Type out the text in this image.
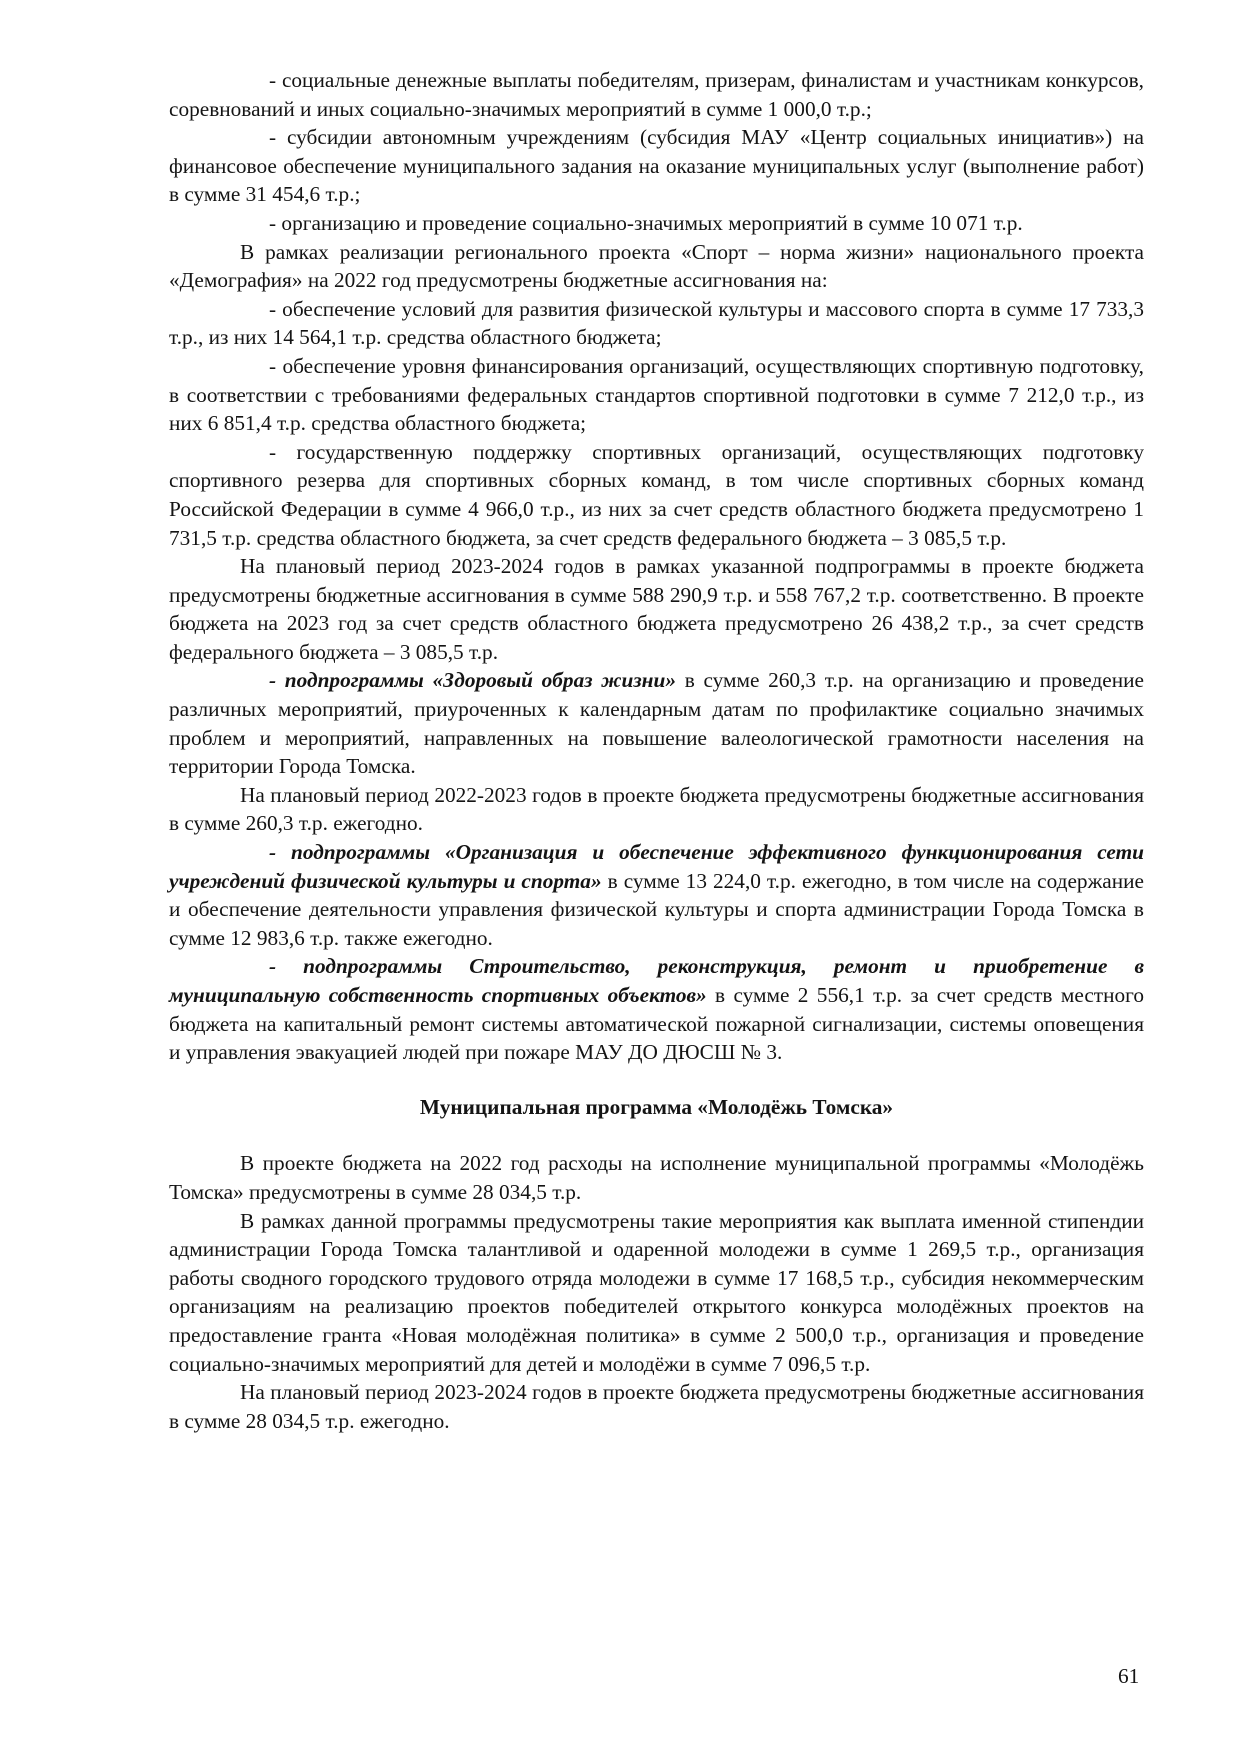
- социальные денежные выплаты победителям, призерам, финалистам и участникам конкурсов, соревнований и иных социально-значимых мероприятий в сумме 1 000,0 т.р.;

- субсидии автономным учреждениям (субсидия МАУ «Центр социальных инициатив») на финансовое обеспечение муниципального задания на оказание муниципальных услуг (выполнение работ) в сумме 31 454,6 т.р.;

- организацию и проведение социально-значимых мероприятий в сумме 10 071 т.р.

В рамках реализации регионального проекта «Спорт – норма жизни» национального проекта «Демография» на 2022 год предусмотрены бюджетные ассигнования на:

- обеспечение условий для развития физической культуры и массового спорта в сумме 17 733,3 т.р., из них 14 564,1 т.р. средства областного бюджета;

- обеспечение уровня финансирования организаций, осуществляющих спортивную подготовку, в соответствии с требованиями федеральных стандартов спортивной подготовки в сумме 7 212,0 т.р., из них 6 851,4 т.р. средства областного бюджета;

- государственную поддержку спортивных организаций, осуществляющих подготовку спортивного резерва для спортивных сборных команд, в том числе спортивных сборных команд Российской Федерации в сумме 4 966,0 т.р., из них за счет средств областного бюджета предусмотрено 1 731,5 т.р. средства областного бюджета, за счет средств федерального бюджета – 3 085,5 т.р.

На плановый период 2023-2024 годов в рамках указанной подпрограммы в проекте бюджета предусмотрены бюджетные ассигнования в сумме 588 290,9 т.р. и 558 767,2 т.р. соответственно. В проекте бюджета на 2023 год за счет средств областного бюджета предусмотрено 26 438,2 т.р., за счет средств федерального бюджета – 3 085,5 т.р.

- подпрограммы «Здоровый образ жизни» в сумме 260,3 т.р. на организацию и проведение различных мероприятий, приуроченных к календарным датам по профилактике социально значимых проблем и мероприятий, направленных на повышение валеологической грамотности населения на территории Города Томска.

На плановый период 2022-2023 годов в проекте бюджета предусмотрены бюджетные ассигнования в сумме 260,3 т.р. ежегодно.

- подпрограммы «Организация и обеспечение эффективного функционирования сети учреждений физической культуры и спорта» в сумме 13 224,0 т.р. ежегодно, в том числе на содержание и обеспечение деятельности управления физической культуры и спорта администрации Города Томска в сумме 12 983,6 т.р. также ежегодно.

- подпрограммы Строительство, реконструкция, ремонт и приобретение в муниципальную собственность спортивных объектов» в сумме 2 556,1 т.р. за счет средств местного бюджета на капитальный ремонт системы автоматической пожарной сигнализации, системы оповещения и управления эвакуацией людей при пожаре МАУ ДО ДЮСШ № 3.

Муниципальная программа «Молодёжь Томска»

В проекте бюджета на 2022 год расходы на исполнение муниципальной программы «Молодёжь Томска» предусмотрены в сумме 28 034,5 т.р.

В рамках данной программы предусмотрены такие мероприятия как выплата именной стипендии администрации Города Томска талантливой и одаренной молодежи в сумме 1 269,5 т.р., организация работы сводного городского трудового отряда молодежи в сумме 17 168,5 т.р., субсидия некоммерческим организациям на реализацию проектов победителей открытого конкурса молодёжных проектов на предоставление гранта «Новая молодёжная политика» в сумме 2 500,0 т.р., организация и проведение социально-значимых мероприятий для детей и молодёжи в сумме 7 096,5 т.р.

На плановый период 2023-2024 годов в проекте бюджета предусмотрены бюджетные ассигнования в сумме 28 034,5 т.р. ежегодно.

61
